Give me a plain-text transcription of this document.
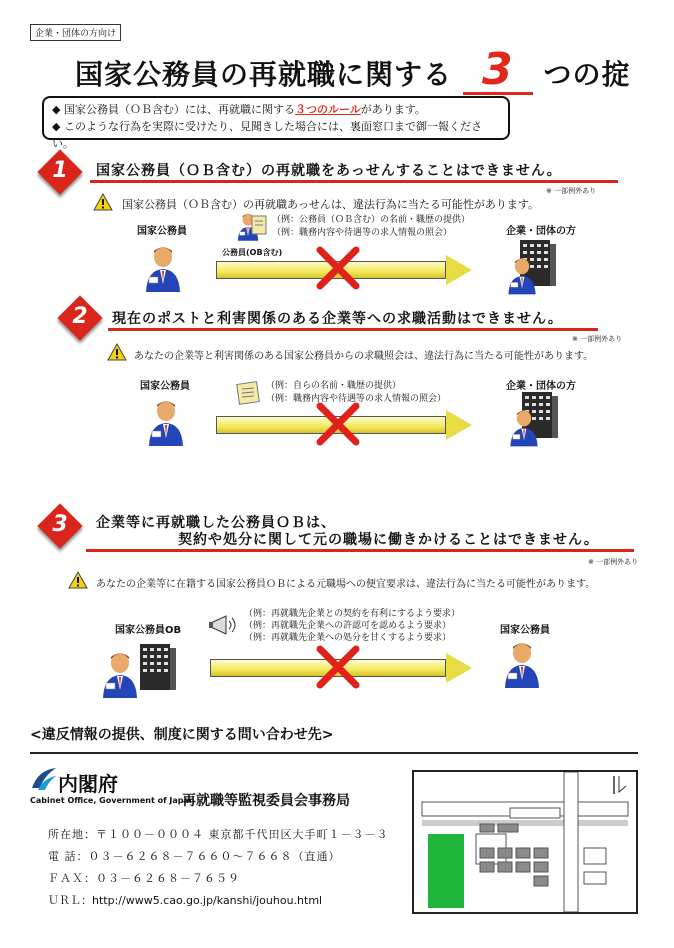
企業・団体の方向け
国家公務員の再就職に関する 3 つの掟
◆ 国家公務員（ＯＢ含む）には、再就職に関する３つのルールがあります。
◆ このような行為を実際に受けたり、見聞きした場合には、裏面窓口まで御一報ください。
1	国家公務員（ＯＢ含む）の再就職をあっせんすることはできません。
※ 一部例外あり
国家公務員（ＯＢ含む）の再就職あっせんは、違法行為に当たる可能性があります。
国家公務員	企業・団体の方
（例：公務員（ＯＢ含む）の名前・職歴の提供）
（例：職務内容や待遇等の求人情報の照会）
公務員(OB含む)
2	現在のポストと利害関係のある企業等への求職活動はできません。
※ 一部例外あり
あなたの企業等と利害関係のある国家公務員からの求職照会は、違法行為に当たる可能性があります。
国家公務員	企業・団体の方
（例：自らの名前・職歴の提供）
（例：職務内容や待遇等の求人情報の照会）
3	企業等に再就職した公務員ＯＢは、
契約や処分に関して元の職場に働きかけることはできません。
※ 一部例外あり
あなたの企業等に在籍する国家公務員ＯＢによる元職場への便宜要求は、違法行為に当たる可能性があります。
（例：再就職先企業との契約を有利にするよう要求）
（例：再就職先企業への許認可を認めるよう要求）
（例：再就職先企業への処分を甘くするよう要求）
国家公務員OB	国家公務員
<違反情報の提供、制度に関する問い合わせ先>
内閣府
Cabinet Office, Government of Japan
再就職等監視委員会事務局
所在地：〒１００－０００４ 東京都千代田区大手町１－３－３
電 話：０３－６２６８－７６６０～７６６８（直通）
ＦＡＸ：０３－６２６８－７６５９
ＵＲＬ：http://www5.cao.go.jp/kanshi/jouhou.html
